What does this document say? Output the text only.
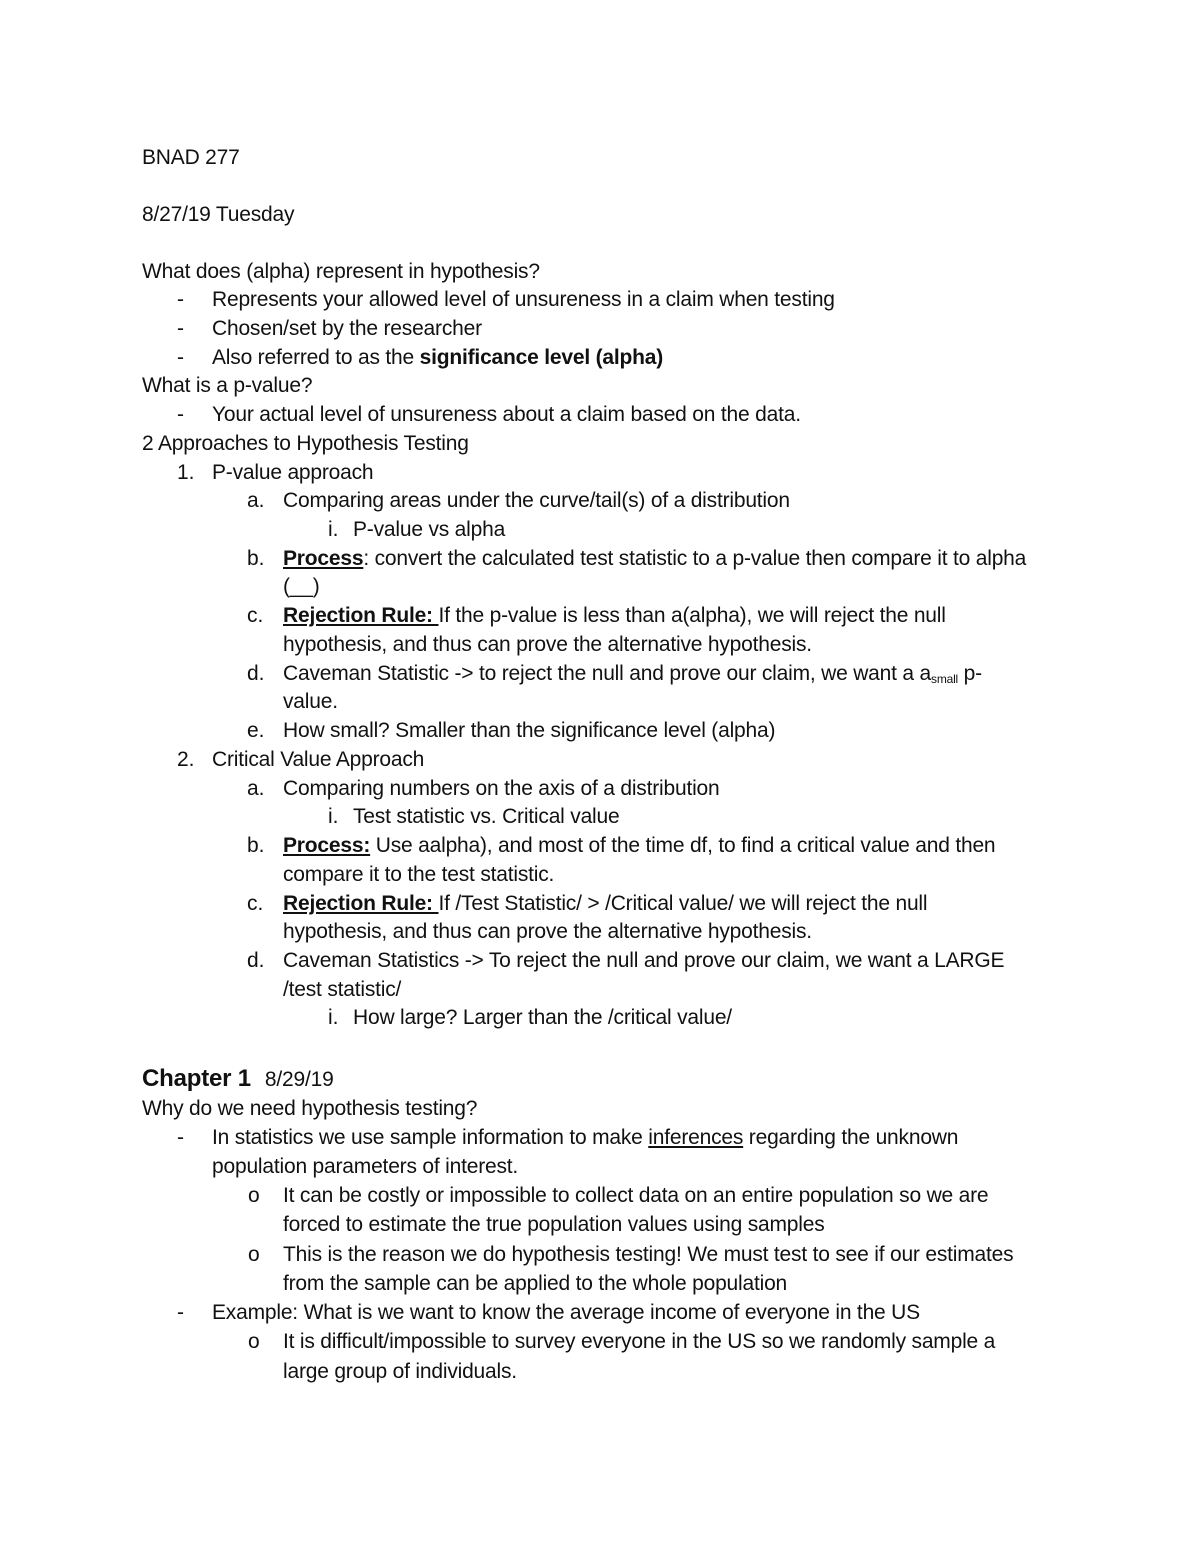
BNAD 277
8/27/19 Tuesday
What does (alpha) represent in hypothesis?
- Represents your allowed level of unsureness in a claim when testing
- Chosen/set by the researcher
- Also referred to as the significance level (alpha)
What is a p-value?
- Your actual level of unsureness about a claim based on the data.
2 Approaches to Hypothesis Testing
1. P-value approach
a. Comparing areas under the curve/tail(s) of a distribution
i. P-value vs alpha
b. Process: convert the calculated test statistic to a p-value then compare it to alpha
(__)
c. Rejection Rule: If the p-value is less than a(alpha), we will reject the null
hypothesis, and thus can prove the alternative hypothesis.
d. Caveman Statistic -> to reject the null and prove our claim, we want a $a_{small}$ p-
value.
e. How small? Smaller than the significance level (alpha)
2. Critical Value Approach
a. Comparing numbers on the axis of a distribution
i. Test statistic vs. Critical value
b. Process: Use aalpha), and most of the time df, to find a critical value and then
compare it to the test statistic.
c. Rejection Rule: If /Test Statistic/ > /Critical value/ we will reject the null
hypothesis, and thus can prove the alternative hypothesis.
d. Caveman Statistics -> To reject the null and prove our claim, we want a LARGE
/test statistic/
i. How large? Larger than the /critical value/
Chapter 1 8/29/19
Why do we need hypothesis testing?
- In statistics we use sample information to make inferences regarding the unknown
population parameters of interest.
o It can be costly or impossible to collect data on an entire population so we are
forced to estimate the true population values using samples
o This is the reason we do hypothesis testing! We must test to see if our estimates
from the sample can be applied to the whole population
- Example: What is we want to know the average income of everyone in the US
o It is difficult/impossible to survey everyone in the US so we randomly sample a
large group of individuals.
